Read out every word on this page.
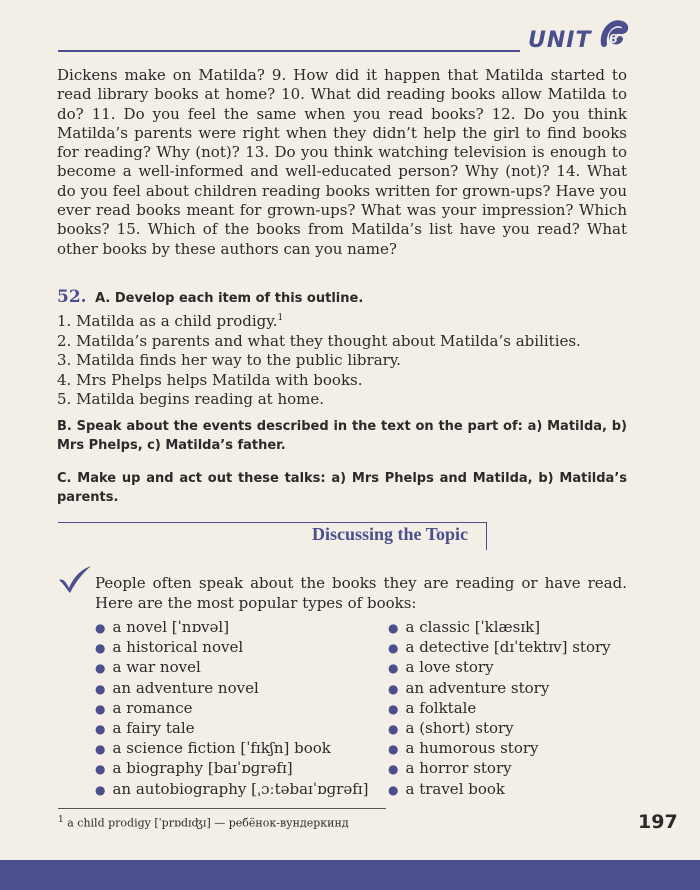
UNIT 6
Dickens make on Matilda? 9. How did it happen that Matilda started to read library books at home? 10. What did reading books allow Matilda to do? 11. Do you feel the same when you read books? 12. Do you think Matilda’s parents were right when they didn’t help the girl to find books for reading? Why (not)? 13. Do you think watching television is enough to become a well-informed and well-educated person? Why (not)? 14. What do you feel about children reading books written for grown-ups? Have you ever read books meant for grown-ups? What was your impression? Which books? 15. Which of the books from Matilda’s list have you read? What other books by these authors can you name?
52. A. Develop each item of this outline.
1. Matilda as a child prodigy.$^1$
2. Matilda’s parents and what they thought about Matilda’s abilities.
3. Matilda finds her way to the public library.
4. Mrs Phelps helps Matilda with books.
5. Matilda begins reading at home.
B. Speak about the events described in the text on the part of: a) Matilda, b) Mrs Phelps, c) Matilda’s father.
C. Make up and act out these talks: a) Mrs Phelps and Matilda, b) Matilda’s parents.
Discussing the Topic
People often speak about the books they are reading or have read. Here are the most popular types of books:
● a novel [ˈnɒvəl]
● a historical novel
● a war novel
● an adventure novel
● a romance
● a fairy tale
● a science fiction [ˈfɪkʃn] book
● a biography [baɪˈɒɡrəfɪ]
● an autobiography [ˌɔːtəbaɪˈɒɡrəfɪ]
● a classic [ˈklæsɪk]
● a detective [dɪˈtektɪv] story
● a love story
● an adventure story
● a folktale
● a (short) story
● a humorous story
● a horror story
● a travel book
$^1$ a child prodigy [ˈprɒdɪʤɪ] — ребёнок-вундеркинд	197
